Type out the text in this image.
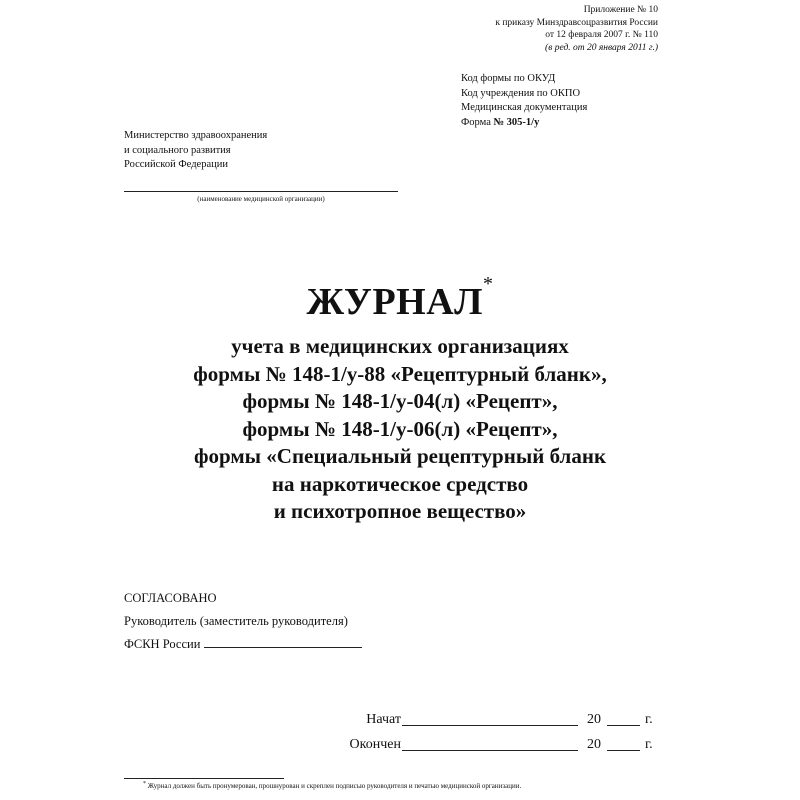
Приложение № 10
к приказу Минздравсоцразвития России
от 12 февраля 2007 г. № 110
(в ред. от 20 января 2011 г.)
Код формы по ОКУД
Код учреждения по ОКПО
Медицинская документация
Форма № 305-1/у
Министерство здравоохранения
и социального развития
Российской Федерации
(наименование медицинской организации)
ЖУРНАЛ*
учета в медицинских организациях
формы № 148-1/у-88 «Рецептурный бланк»,
формы № 148-1/у-04(л) «Рецепт»,
формы № 148-1/у-06(л) «Рецепт»,
формы «Специальный рецептурный бланк
на наркотическое средство
и психотропное вещество»
СОГЛАСОВАНО
Руководитель (заместитель руководителя)
ФСКН России
Начат	20	г.
Окончен	20	г.
* Журнал должен быть пронумерован, прошнурован и скреплен подписью руководителя и печатью медицинской организации.
